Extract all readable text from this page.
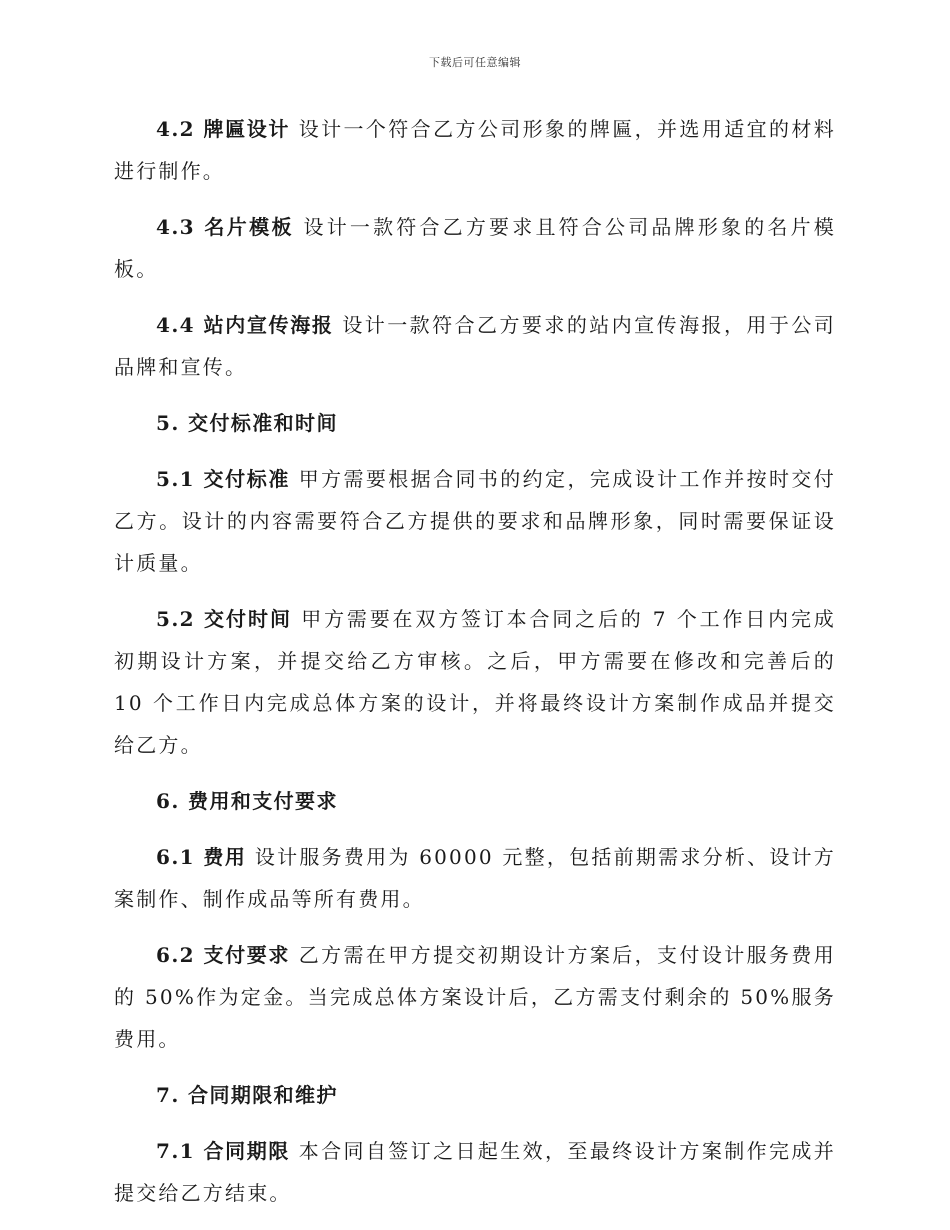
下载后可任意编辑

4.2 牌匾设计 设计一个符合乙方公司形象的牌匾，并选用适宜的材料进行制作。

4.3 名片模板 设计一款符合乙方要求且符合公司品牌形象的名片模板。

4.4 站内宣传海报 设计一款符合乙方要求的站内宣传海报，用于公司品牌和宣传。

5. 交付标准和时间

5.1 交付标准 甲方需要根据合同书的约定，完成设计工作并按时交付乙方。设计的内容需要符合乙方提供的要求和品牌形象，同时需要保证设计质量。

5.2 交付时间 甲方需要在双方签订本合同之后的 7 个工作日内完成初期设计方案，并提交给乙方审核。之后，甲方需要在修改和完善后的 10 个工作日内完成总体方案的设计，并将最终设计方案制作成品并提交给乙方。

6. 费用和支付要求

6.1 费用 设计服务费用为 60000 元整，包括前期需求分析、设计方案制作、制作成品等所有费用。

6.2 支付要求 乙方需在甲方提交初期设计方案后，支付设计服务费用的 50%作为定金。当完成总体方案设计后，乙方需支付剩余的 50%服务费用。

7. 合同期限和维护

7.1 合同期限 本合同自签订之日起生效，至最终设计方案制作完成并提交给乙方结束。
